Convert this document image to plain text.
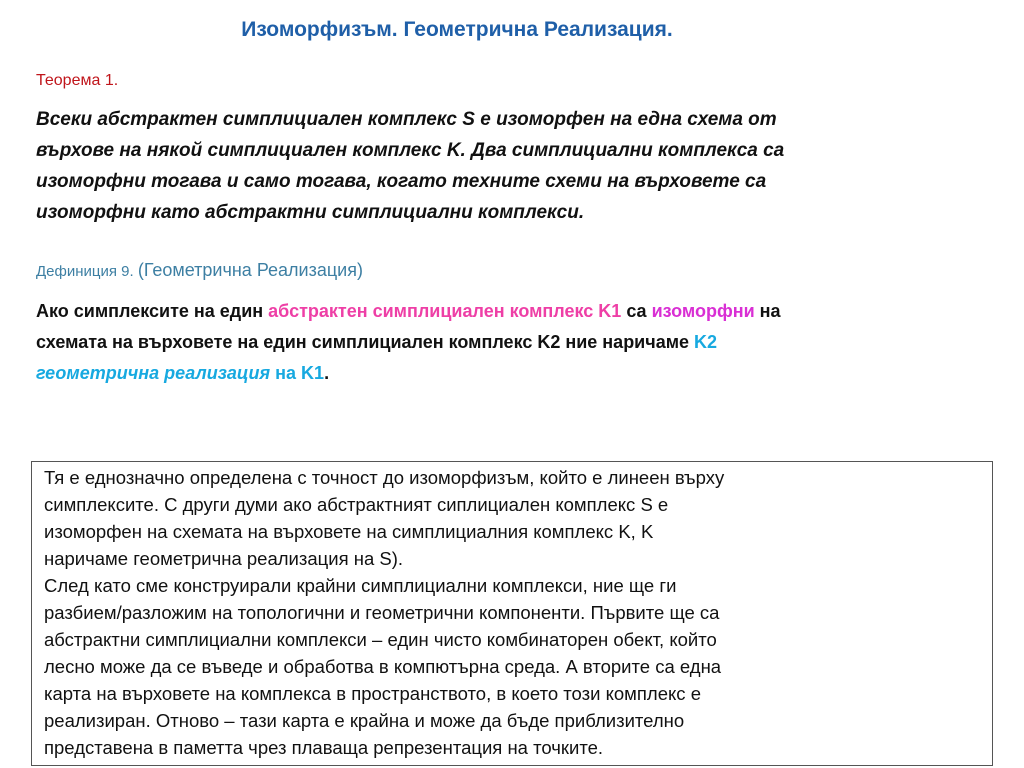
Изоморфизъм. Геометрична Реализация.
Теорема 1.

Всеки абстрактен симплициален комплекс S е изоморфен на една схема от

върхове на някой симплициален комплекс K. Два симплициални комплекса са

изоморфни тогава и само тогава, когато техните схеми на върховете са

изоморфни като абстрактни симплициални комплекси.

Дефиниция 9. (Геометрична Реализация)

Ако симплексите на един абстрактен симплициален комплекс K1 са изоморфни на

схемата на върховете на един симплициален комплекс K2 ние наричаме K2

геометрична реализация на K1.

Тя е еднозначно определена с точност до изоморфизъм, който е линеен върху

симплексите. С други думи ако абстрактният сиплициален комплекс S е

изоморфен на схемата на върховете на симплициалния комплекс K, K

наричаме геометрична реализация на S).

След като сме конструирали крайни симплициални комплекси, ние ще ги

разбием/разложим на топологични и геометрични компоненти. Първите ще са

абстрактни симплициални комплекси – един чисто комбинаторен обект, който

лесно може да се въведе и обработва в компютърна среда. А вторите са една

карта на върховете на комплекса в пространството, в което този комплекс е

реализиран. Отново – тази карта е крайна и може да бъде приблизително

представена в паметта чрез плаваща репрезентация на точките.
